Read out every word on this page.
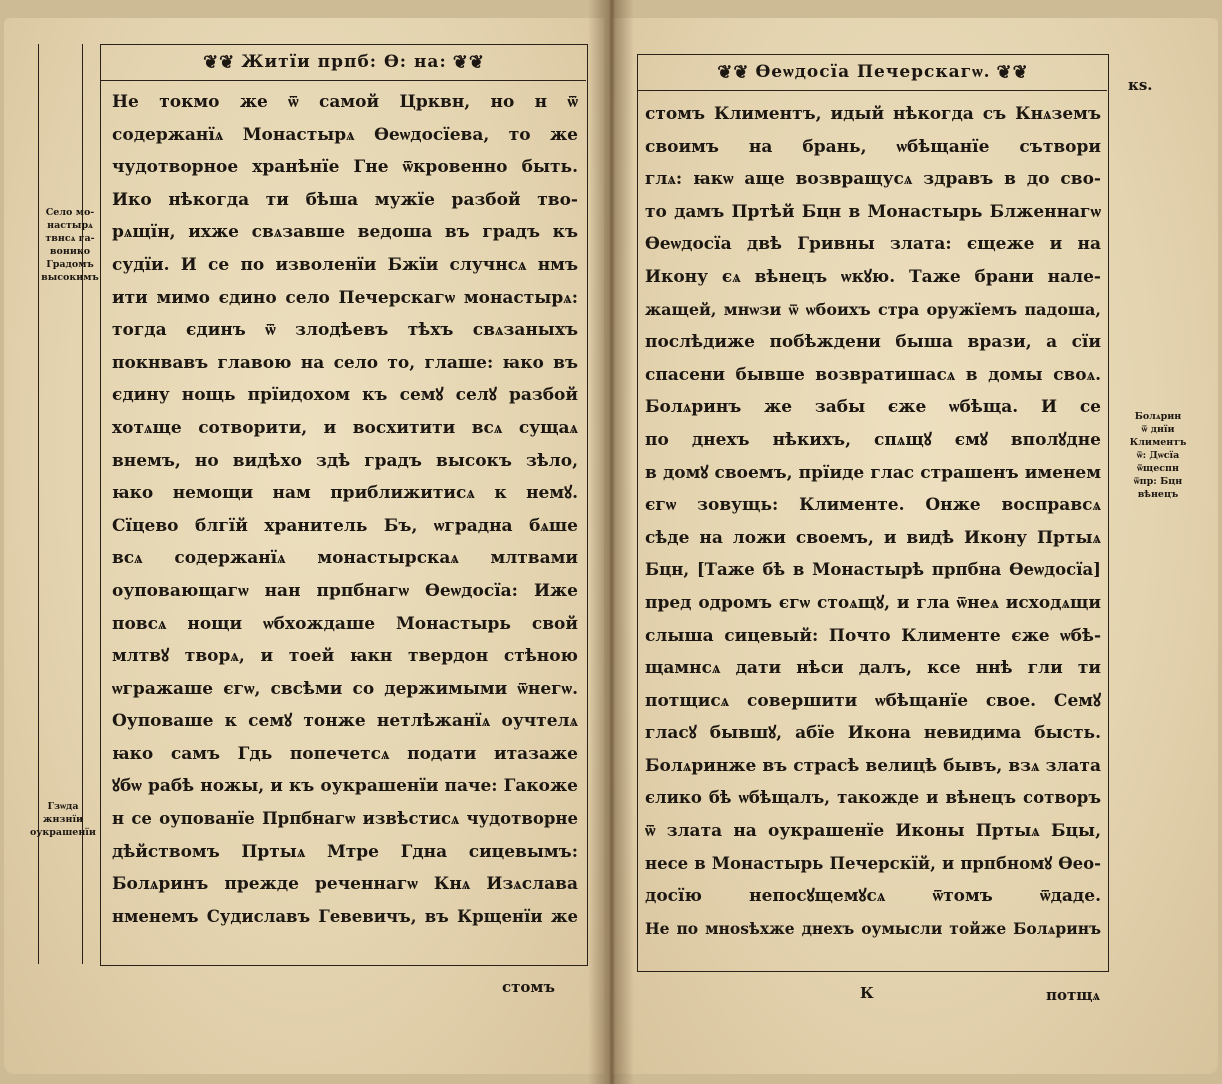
❦❦ Житїи прпб: Ѳ: на: ❦❦
Не токмо же ѿ самой Црквн, но н ѿ
содержанїѧ Монастырѧ Ѳеѡдосїева, то же
чудотворное хранѣнїе Гне ѿкровенно быть.
Ико нѣкогда ти бѣша мужїе разбой тво-
рѧщїн, ихже свѧзавше ведоша въ градъ къ
судїи. И се по изволенїи Бжїи случнсѧ нмъ
ити мимо єдино село Печерскагѡ монастырѧ:
тогда єдинъ ѿ злодѣевъ тѣхъ свѧзаныхъ
покнвавъ главою на село то, глаше: ꙗко въ
єдину нощь прїидохом къ семꙋ селꙋ разбой
хотѧще сотворити, и восхитити всѧ сущаѧ
внемъ, но видѣхо здѣ градъ высокъ зѣло,
ꙗко немощи нам приближитисѧ к немꙋ.
Сїцево блгїй хранитель Бъ, ѡградна бѧше
всѧ содержанїѧ монастырскаѧ млтвами
оуповающагѡ нан прпбнагѡ Ѳеѡдосїа: Иже
повсѧ нощи ѡбхождаше Монастырь свой
млтвꙋ творѧ, и тоей ꙗкн твердон стѣною
ѡгражаше єгѡ, свсѣми со держимыми ѿнегѡ.
Оуповаше к семꙋ тонже нетлѣжанїѧ оучтелѧ
ꙗко самъ Гдь попечетсѧ подати итазаже
ꙋбѡ рабѣ ножы, и къ оукрашенїи паче: Гакоже
н се оупованїе Прпбнагѡ извѣстисѧ чудотворне
дѣйствомъ Пртыѧ Мтре Гдна сицевымъ:
Болѧринъ прежде реченнагѡ Кнѧ Изѧслава
нменемъ Судиславъ Гевевичъ, въ Крщенїи же
Село мо-
настырѧ
твнсѧ га-
вонико
Градомъ
высокимъ
Гзѡда
жнзнїи
оукрашенїи
стомъ
❦❦ Ѳеѡдосїа Печерскагѡ. ❦❦
кѕ.
стомъ Климентъ, идый нѣкогда съ Кнѧземъ
своимъ на брань, ѡбѣщанїе сътвори
глѧ: ꙗкѡ аще возвращусѧ здравъ в до сво-
то дамъ Пртѣй Бцн в Монастырь Блженнагѡ
Ѳеѡдосїа двѣ Гривны злата: єщеже и на
Икону єѧ вѣнецъ ѡкꙋю. Таже брани нале-
жащей, мнѡзи ѿ ѡбоихъ стра оружїемъ падоша,
послѣдиже побѣждени быша врази, а сїи
спасени бывше возвратишасѧ в домы своѧ.
Болѧринъ же забы єже ѡбѣща. И се
по днехъ нѣкихъ, спѧщꙋ ємꙋ вполꙋдне
в домꙋ своемъ, прїиде глас страшенъ именем
єгѡ зовущь: Клименте. Онже восправсѧ
сѣде на ложи своемъ, и видѣ Икону Пртыѧ
Бцн, [Таже бѣ в Монастырѣ прпбна Ѳеѡдосїа]
пред одромъ єгѡ стоѧщꙋ, и гла ѿнеѧ исходѧщи
слыша сицевый: Почто Клименте єже ѡбѣ-
щамнсѧ дати нѣси далъ, ксе ннѣ гли ти
потщисѧ совершити ѡбѣщанїе свое. Семꙋ
гласꙋ бывшꙋ, абїе Икона невидима бысть.
Болѧринже въ страсѣ велицѣ бывъ, взѧ злата
єлико бѣ ѡбѣщалъ, такожде и вѣнецъ сотворъ
ѿ злата на оукрашенїе Иконы Пртыѧ Бцы,
несе в Монастырь Печерскїй, и прпбномꙋ Ѳео-
досїю непосꙋщемꙋсѧ ѿтомъ ѿдаде.
Не по мноѕѣхже днехъ оумысли тойже Болѧринъ
Болѧрин
ѿ днїи
Климентъ
ѿ: Дѡсїа
ѿщеспн
ѿпр: Бцн
вѣнецъ
К	потщѧ
